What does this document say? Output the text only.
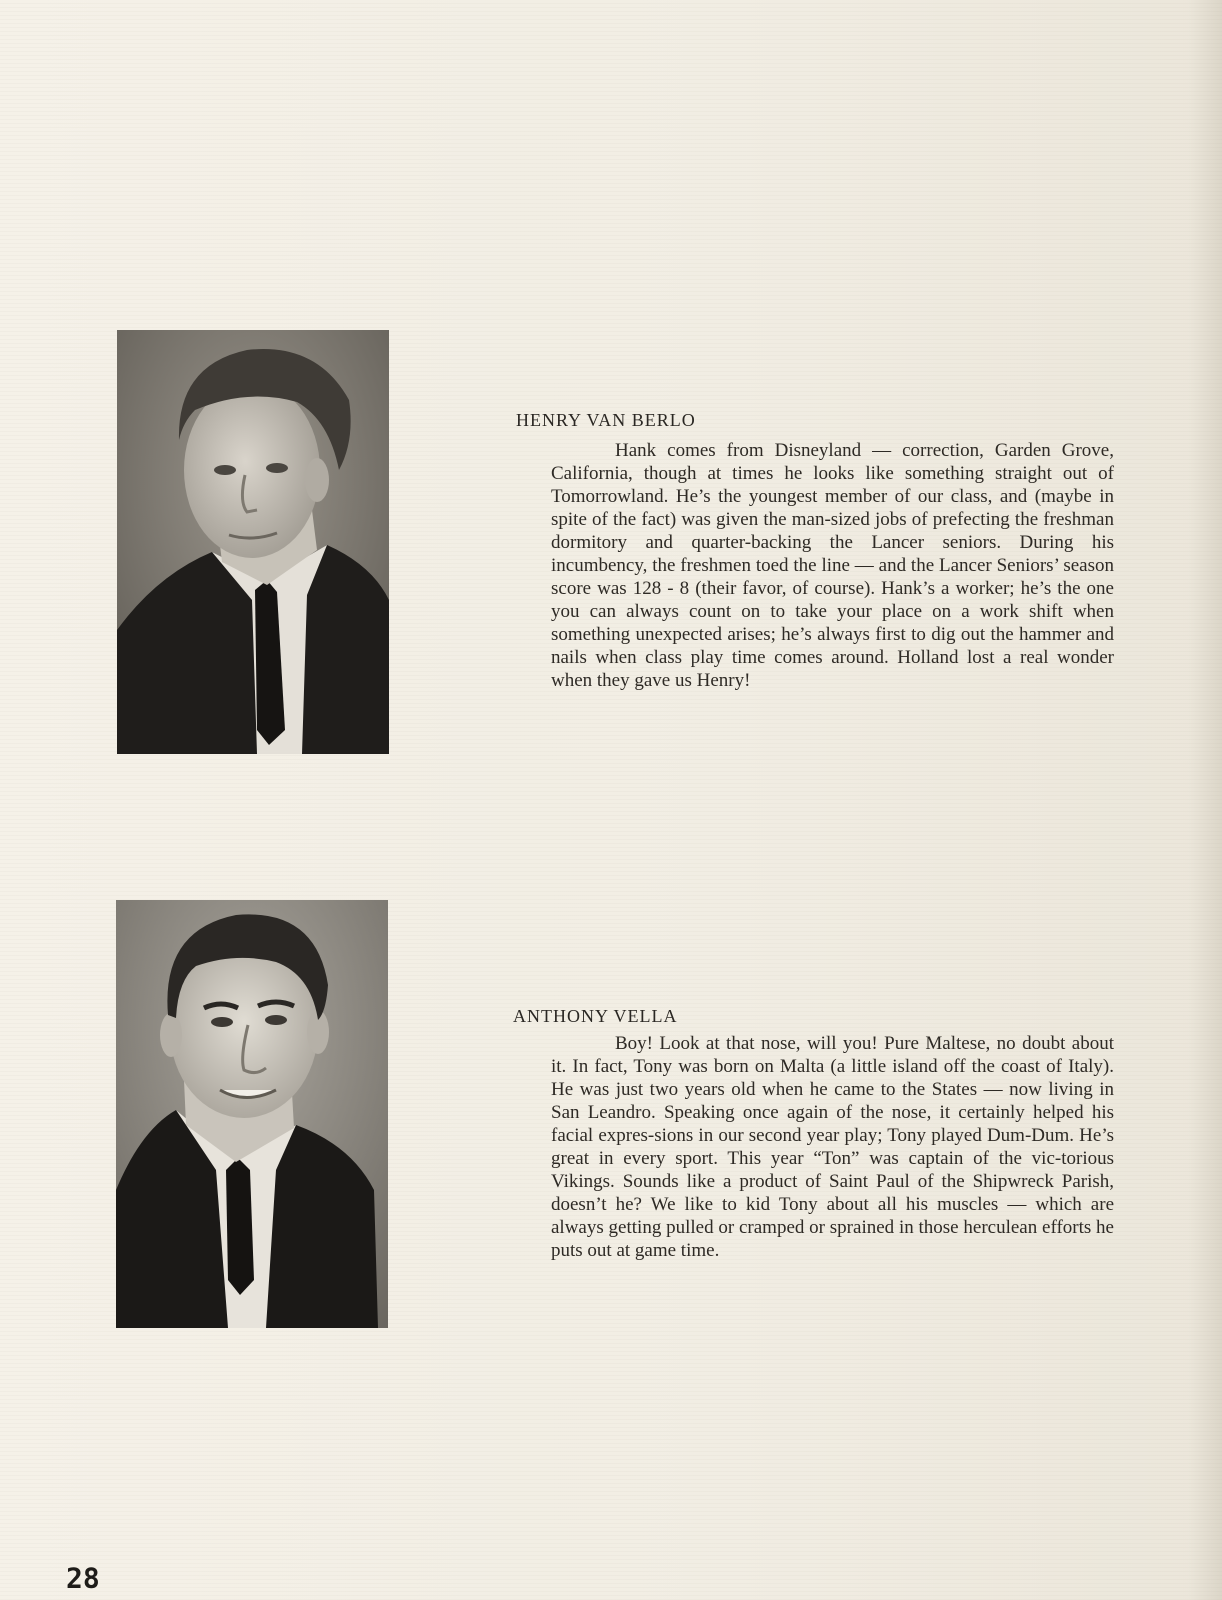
HENRY VAN BERLO

Hank comes from Disneyland — correction, Garden Grove, California, though at times he looks like something straight out of Tomorrowland. He’s the youngest member of our class, and (maybe in spite of the fact) was given the man-sized jobs of prefecting the freshman dormitory and quarter-backing the Lancer seniors. During his incumbency, the freshmen toed the line — and the Lancer Seniors’ season score was 128 - 8 (their favor, of course). Hank’s a worker; he’s the one you can always count on to take your place on a work shift when something unexpected arises; he’s always first to dig out the hammer and nails when class play time comes around. Holland lost a real wonder when they gave us Henry!

ANTHONY VELLA

Boy! Look at that nose, will you! Pure Maltese, no doubt about it. In fact, Tony was born on Malta (a little island off the coast of Italy). He was just two years old when he came to the States — now living in San Leandro. Speaking once again of the nose, it certainly helped his facial expres-sions in our second year play; Tony played Dum-Dum. He’s great in every sport. This year “Ton” was captain of the vic-torious Vikings. Sounds like a product of Saint Paul of the Shipwreck Parish, doesn’t he? We like to kid Tony about all his muscles — which are always getting pulled or cramped or sprained in those herculean efforts he puts out at game time.

28
